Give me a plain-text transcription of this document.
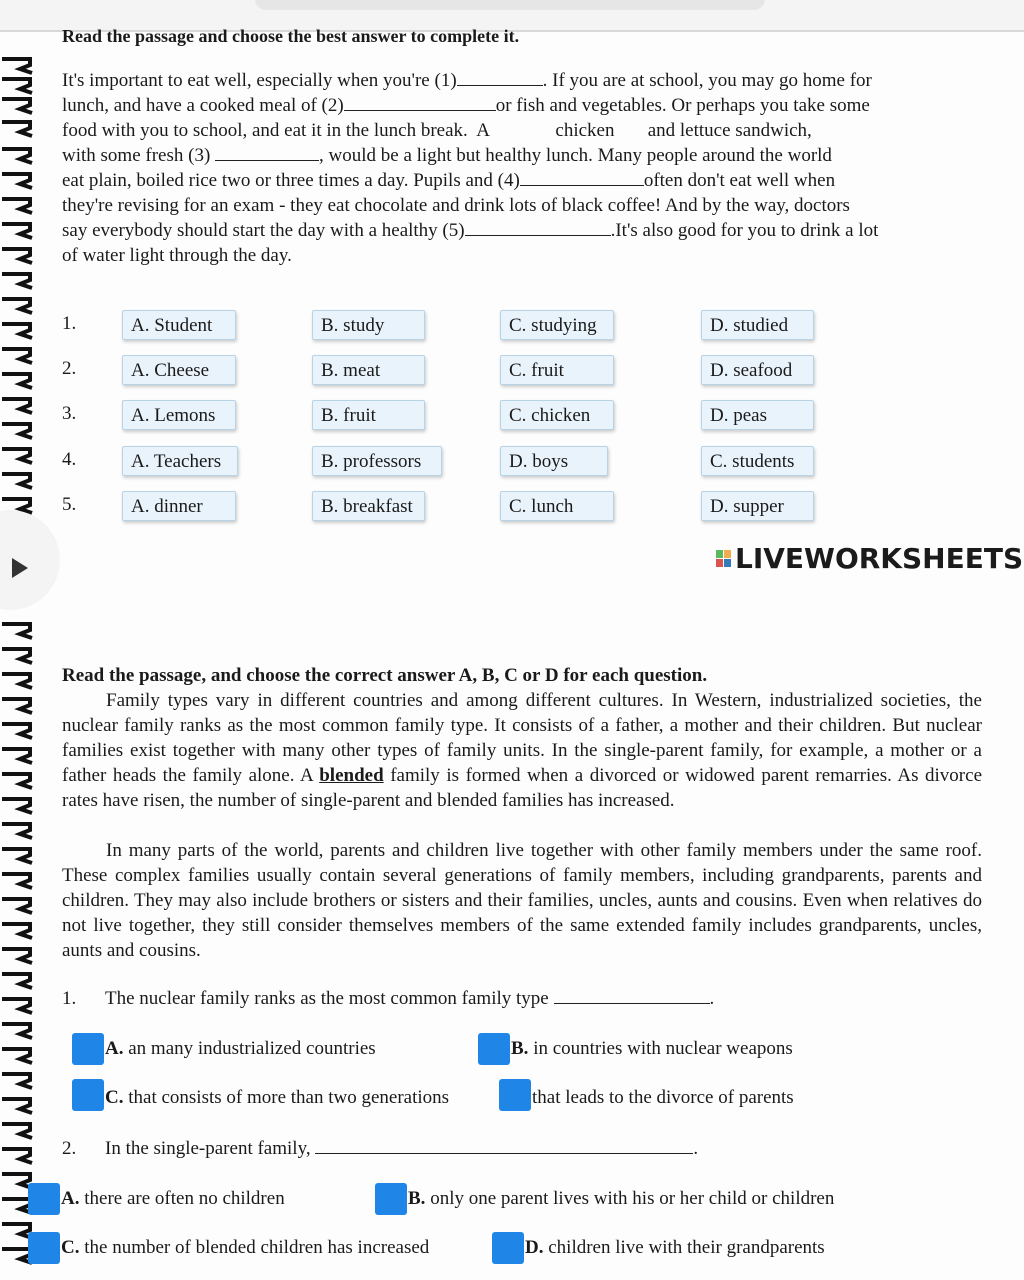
Read the passage and choose the best answer to complete it.
It's important to eat well, especially when you're (1)	. If you are at school, you may go home for
lunch, and have a cooked meal of (2)	or fish and vegetables. Or perhaps you take some
food with you to school, and eat it in the lunch break.  A              chicken       and lettuce sandwich,
with some fresh (3)	, would be a light but healthy lunch. Many people around the world
eat plain, boiled rice two or three times a day. Pupils and (4)	often don't eat well when
they're revising for an exam - they eat chocolate and drink lots of black coffee! And by the way, doctors
say everybody should start the day with a healthy (5)	.It's also good for you to drink a lot
of water light through the day.
1.	A. Student	B. study	C. studying	D. studied
2.	A. Cheese	B. meat	C. fruit	D. seafood
3.	A. Lemons	B. fruit	C. chicken	D. peas
4.	A. Teachers	B. professors	D. boys	C. students
5.	A. dinner	B. breakfast	C. lunch	D. supper
LIVEWORKSHEETS
Read the passage, and choose the correct answer A, B, C or D for each question.

Family types vary in different countries and among different cultures. In Western, industrialized societies, the nuclear family ranks as the most common family type. It consists of a father, a mother and their children. But nuclear families exist together with many other types of family units. In the single-parent family, for example, a mother or a father heads the family alone. A blended family is formed when a divorced or widowed parent remarries. As divorce rates have risen, the number of single-parent and blended families has increased.

In many parts of the world, parents and children live together with other family members under the same roof. These complex families usually contain several generations of family members, including grandparents, parents and children. They may also include brothers or sisters and their families, uncles, aunts and cousins. Even when relatives do not live together, they still consider themselves members of the same extended family includes grandparents, uncles, aunts and cousins.

1. The nuclear family ranks as the most common family type	.
A. an many industrialized countries	B. in countries with nuclear weapons
C. that consists of more than two generations	that leads to the divorce of parents
2. In the single-parent family,	.
A. there are often no children	B. only one parent lives with his or her child or children
C. the number of blended children has increased	D. children live with their grandparents
